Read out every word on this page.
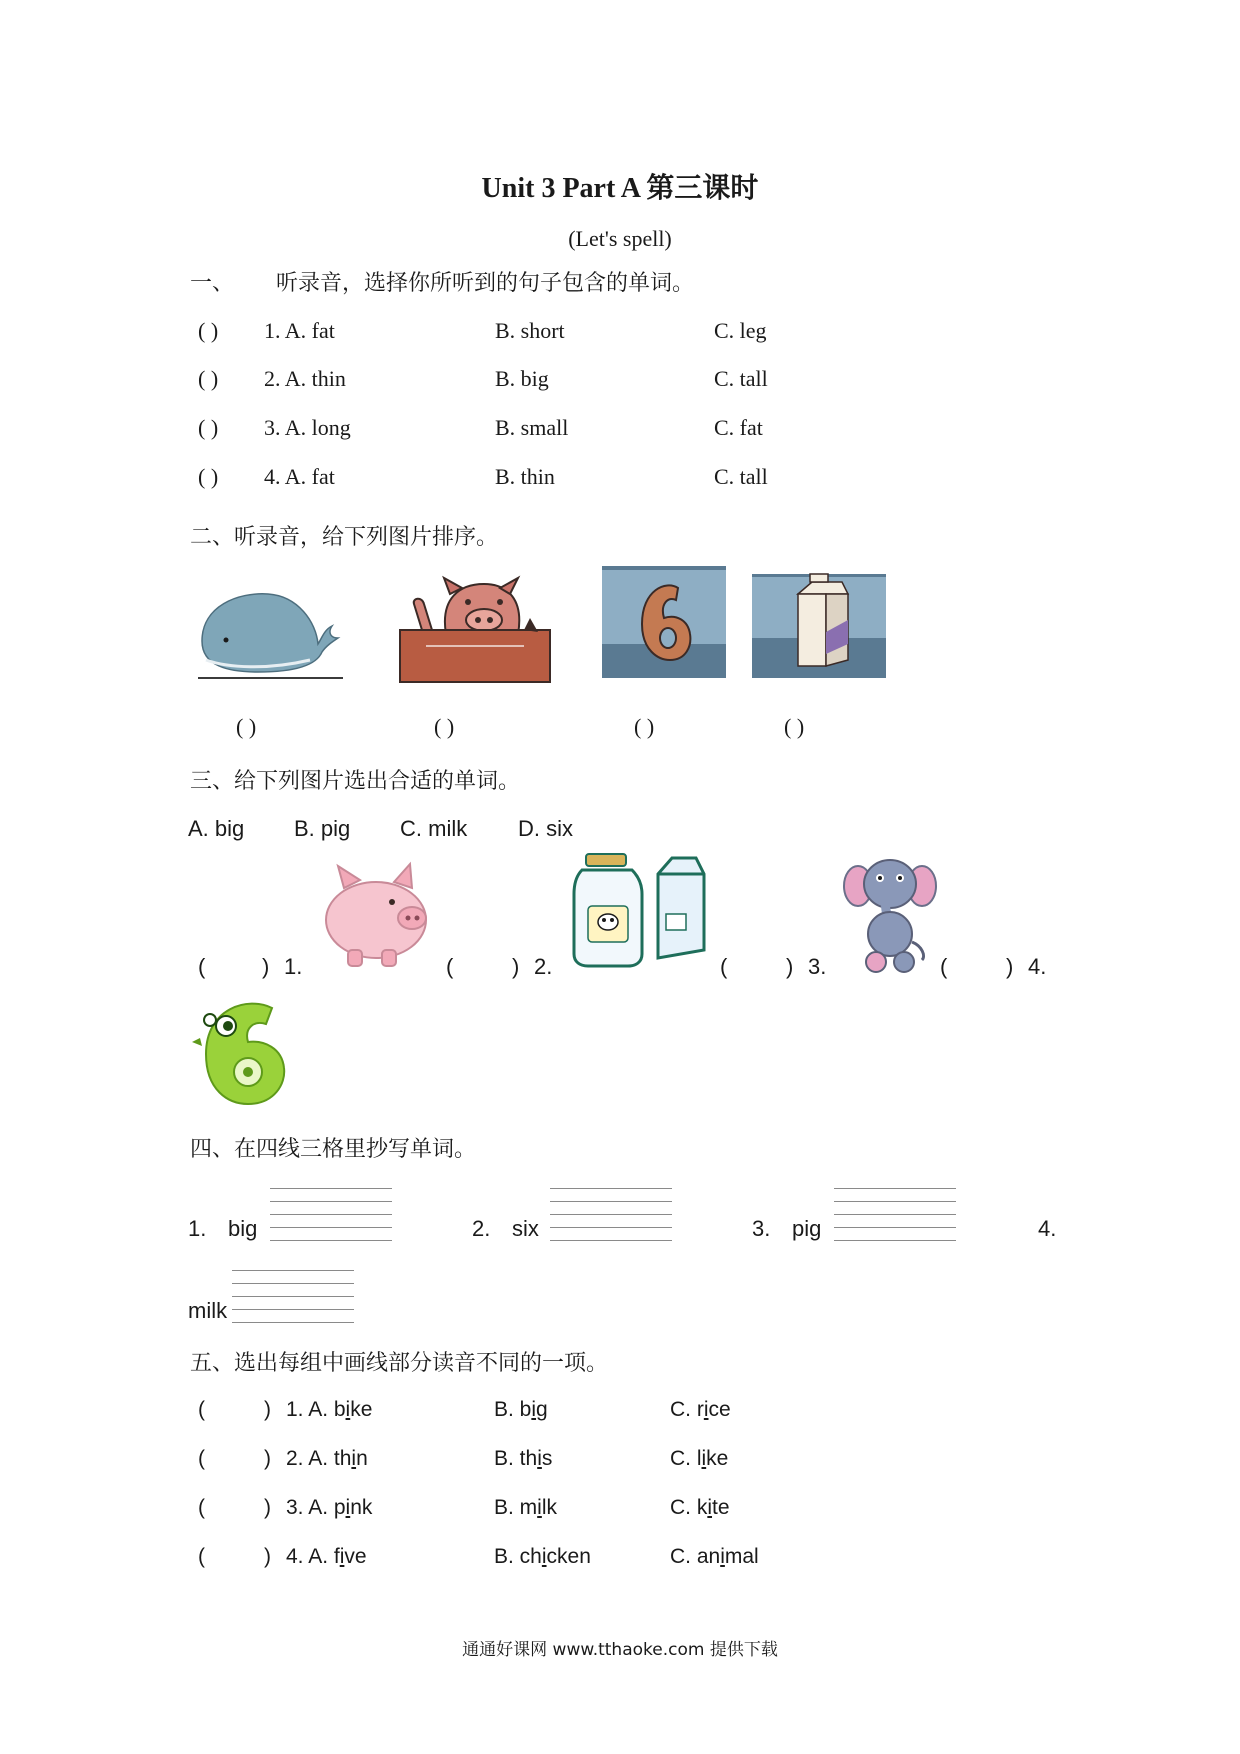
Unit 3 Part A 第三课时
(Let's spell)
一、 听录音，选择你所听到的句子包含的单词。
( ) 1. A. fat	B. short	C. leg
( ) 2. A. thin	B. big	C. tall
( ) 3. A. long	B. small	C. fat
( ) 4. A. fat	B. thin	C. tall
二、听录音，给下列图片排序。
( )	( )	( )	( )
三、给下列图片选出合适的单词。
A. big B. pig C. milk D. six
(	) 1.	(	) 2.	(	) 3.	(	) 4.
四、在四线三格里抄写单词。
1. big	2. six	3. pig	4.
milk
五、选出每组中画线部分读音不同的一项。
(	) 1. A. bike	B. big	C. rice
(	) 2. A. thin	B. this	C. like
(	) 3. A. pink	B. milk	C. kite
(	) 4. A. five	B. chicken	C. animal
通通好课网 www.tthaoke.com 提供下载
